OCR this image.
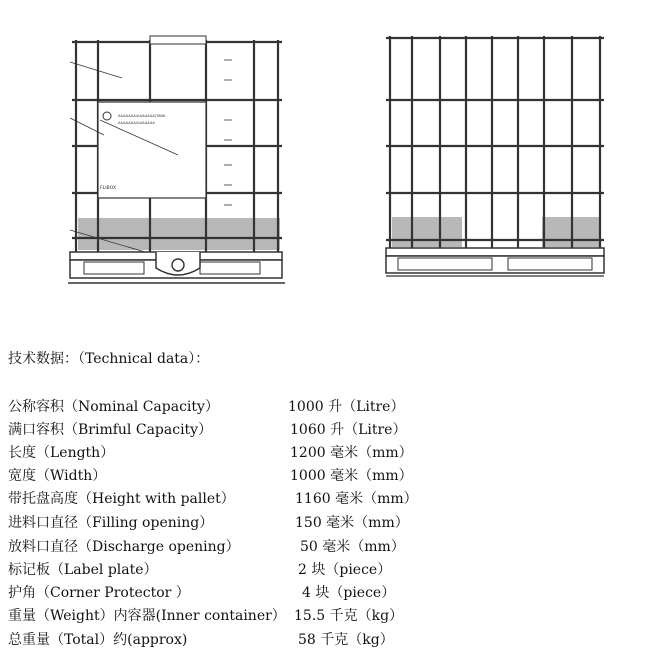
AAAAAAA/AAAAAAA/TANK
AAAAAAA/AAAAAAA
FLIBOX
技术数据：（Technical data）：
公称容积（Nominal Capacity）	1000 升（Litre）
满口容积（Brimful Capacity）	1060 升（Litre）
长度（Length）	1200 毫米（mm）
宽度（Width）	1000 毫米（mm）
带托盘高度（Height with pallet）	1160 毫米（mm）
进料口直径（Filling opening）	150 毫米（mm）
放料口直径（Discharge opening）	50 毫米（mm）
标记板（Label plate）	2 块（piece）
护角（Corner Protector ）	4 块（piece）
重量（Weight）内容器(Inner container） 15.5 千克（kg）
总重量（Total）约(approx)	58 千克（kg）
